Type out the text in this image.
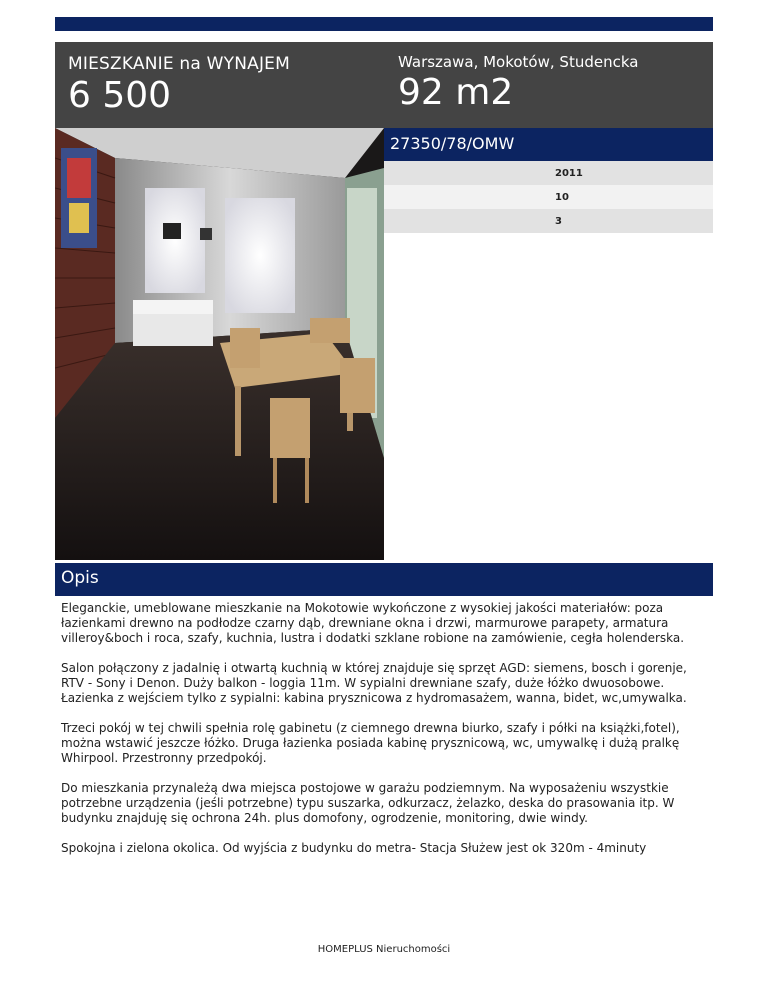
MIESZKANIE na WYNAJEM
6 500
Warszawa, Mokotów, Studencka
92 m2
27350/78/OMW
2011
10
3
Opis

Eleganckie, umeblowane mieszkanie na Mokotowie wykończone z wysokiej jakości materiałów: poza łazienkami drewno na podłodze czarny dąb, drewniane okna i drzwi, marmurowe parapety, armatura villeroy&boch i roca, szafy, kuchnia, lustra i dodatki szklane robione na zamówienie, cegła holenderska.

Salon połączony z jadalnię i otwartą kuchnią w której znajduje się sprzęt AGD: siemens, bosch i gorenje, RTV - Sony i Denon. Duży balkon - loggia 11m. W sypialni drewniane szafy, duże łóżko dwuosobowe. Łazienka z wejściem tylko z sypialni: kabina prysznicowa z hydromasażem, wanna, bidet, wc,umywalka.

Trzeci pokój w tej chwili spełnia rolę gabinetu (z ciemnego drewna biurko, szafy i półki na książki,fotel), można wstawić jeszcze łóżko. Druga łazienka posiada kabinę prysznicową, wc, umywalkę i dużą pralkę Whirpool. Przestronny przedpokój.

Do mieszkania przynależą dwa miejsca postojowe w garażu podziemnym. Na wyposażeniu wszystkie potrzebne urządzenia (jeśli potrzebne) typu suszarka, odkurzacz, żelazko, deska do prasowania itp. W budynku znajduję się ochrona 24h. plus domofony, ogrodzenie, monitoring, dwie windy.

Spokojna i zielona okolica. Od wyjścia z budynku do metra- Stacja Służew jest ok 320m - 4minuty

HOMEPLUS Nieruchomości
